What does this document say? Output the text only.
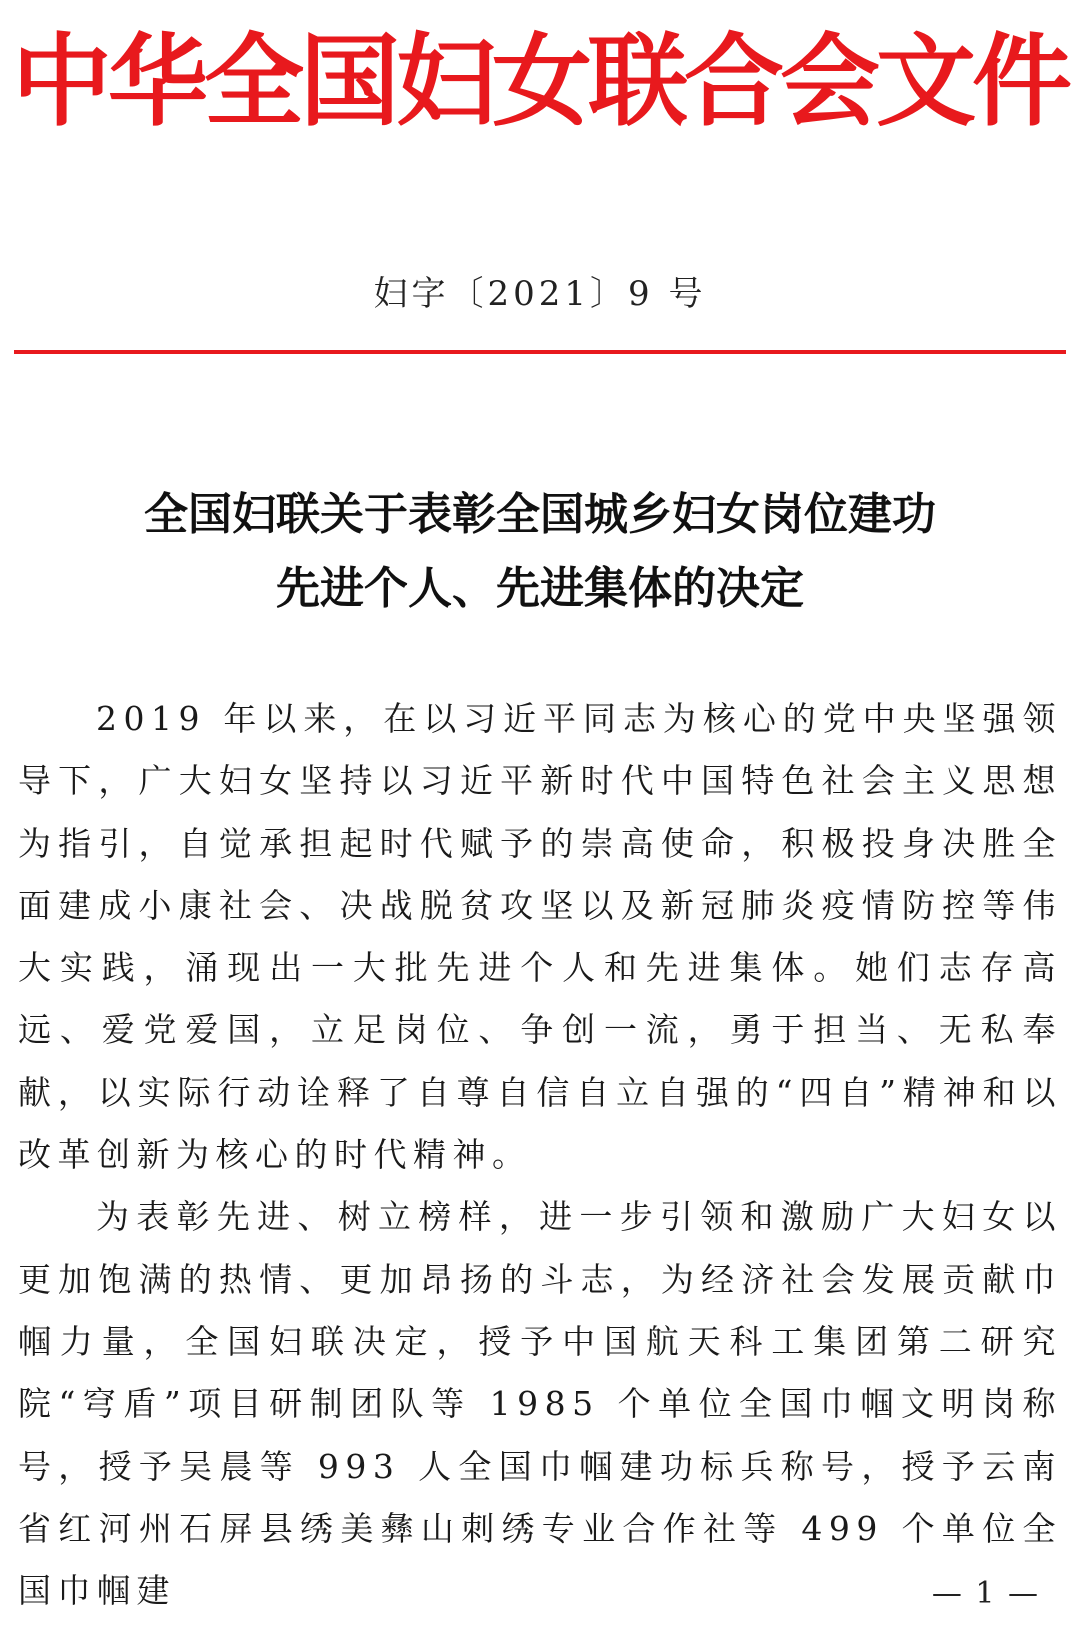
中华全国妇女联合会文件
妇字〔2021〕9 号
全国妇联关于表彰全国城乡妇女岗位建功
先进个人、先进集体的决定

2019 年以来，在以习近平同志为核心的党中央坚强领导下，广大妇女坚持以习近平新时代中国特色社会主义思想为指引，自觉承担起时代赋予的崇高使命，积极投身决胜全面建成小康社会、决战脱贫攻坚以及新冠肺炎疫情防控等伟大实践，涌现出一大批先进个人和先进集体。她们志存高远、爱党爱国，立足岗位、争创一流，勇于担当、无私奉献，以实际行动诠释了自尊自信自立自强的“四自”精神和以改革创新为核心的时代精神。

为表彰先进、树立榜样，进一步引领和激励广大妇女以更加饱满的热情、更加昂扬的斗志，为经济社会发展贡献巾帼力量，全国妇联决定，授予中国航天科工集团第二研究院“穹盾”项目研制团队等 1985 个单位全国巾帼文明岗称号，授予吴晨等 993 人全国巾帼建功标兵称号，授予云南省红河州石屏县绣美彝山刺绣专业合作社等 499 个单位全国巾帼建	— 1 —
